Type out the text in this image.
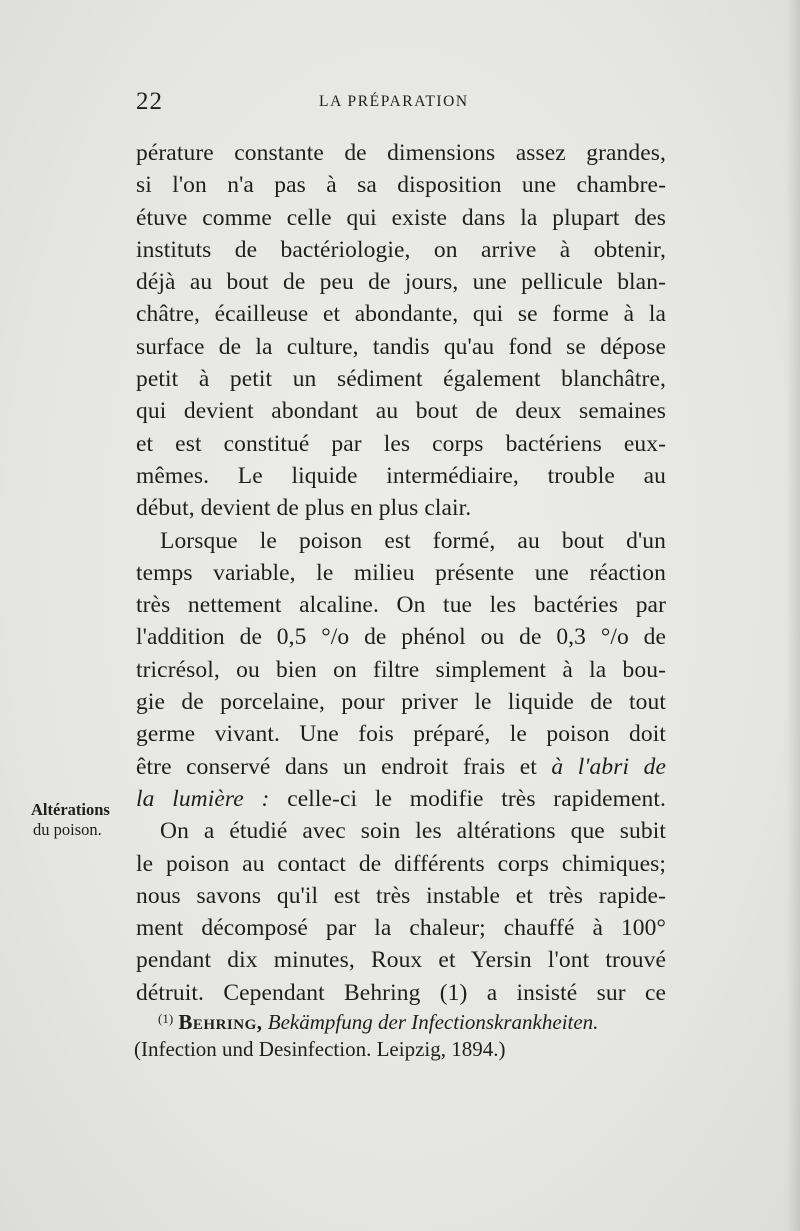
22	LA PRÉPARATION
pérature constante de dimensions assez grandes,
si l'on n'a pas à sa disposition une chambre-
étuve comme celle qui existe dans la plupart des
instituts de bactériologie, on arrive à obtenir,
déjà au bout de peu de jours, une pellicule blan-
châtre, écailleuse et abondante, qui se forme à la
surface de la culture, tandis qu'au fond se dépose
petit à petit un sédiment également blanchâtre,
qui devient abondant au bout de deux semaines
et est constitué par les corps bactériens eux-
mêmes. Le liquide intermédiaire, trouble au
début, devient de plus en plus clair.
Lorsque le poison est formé, au bout d'un
temps variable, le milieu présente une réaction
très nettement alcaline. On tue les bactéries par
l'addition de 0,5 °/o de phénol ou de 0,3 °/o de
tricrésol, ou bien on filtre simplement à la bou-
gie de porcelaine, pour priver le liquide de tout
germe vivant. Une fois préparé, le poison doit
être conservé dans un endroit frais et à l'abri de
la lumière : celle-ci le modifie très rapidement.
On a étudié avec soin les altérations que subit
le poison au contact de différents corps chimiques;
nous savons qu'il est très instable et très rapide-
ment décomposé par la chaleur; chauffé à 100°
pendant dix minutes, Roux et Yersin l'ont trouvé
détruit. Cependant Behring (1) a insisté sur ce
Altérations
du poison.
$^{(1)}$ Behring, Bekämpfung der Infectionskrankheiten.
(Infection und Desinfection. Leipzig, 1894.)
